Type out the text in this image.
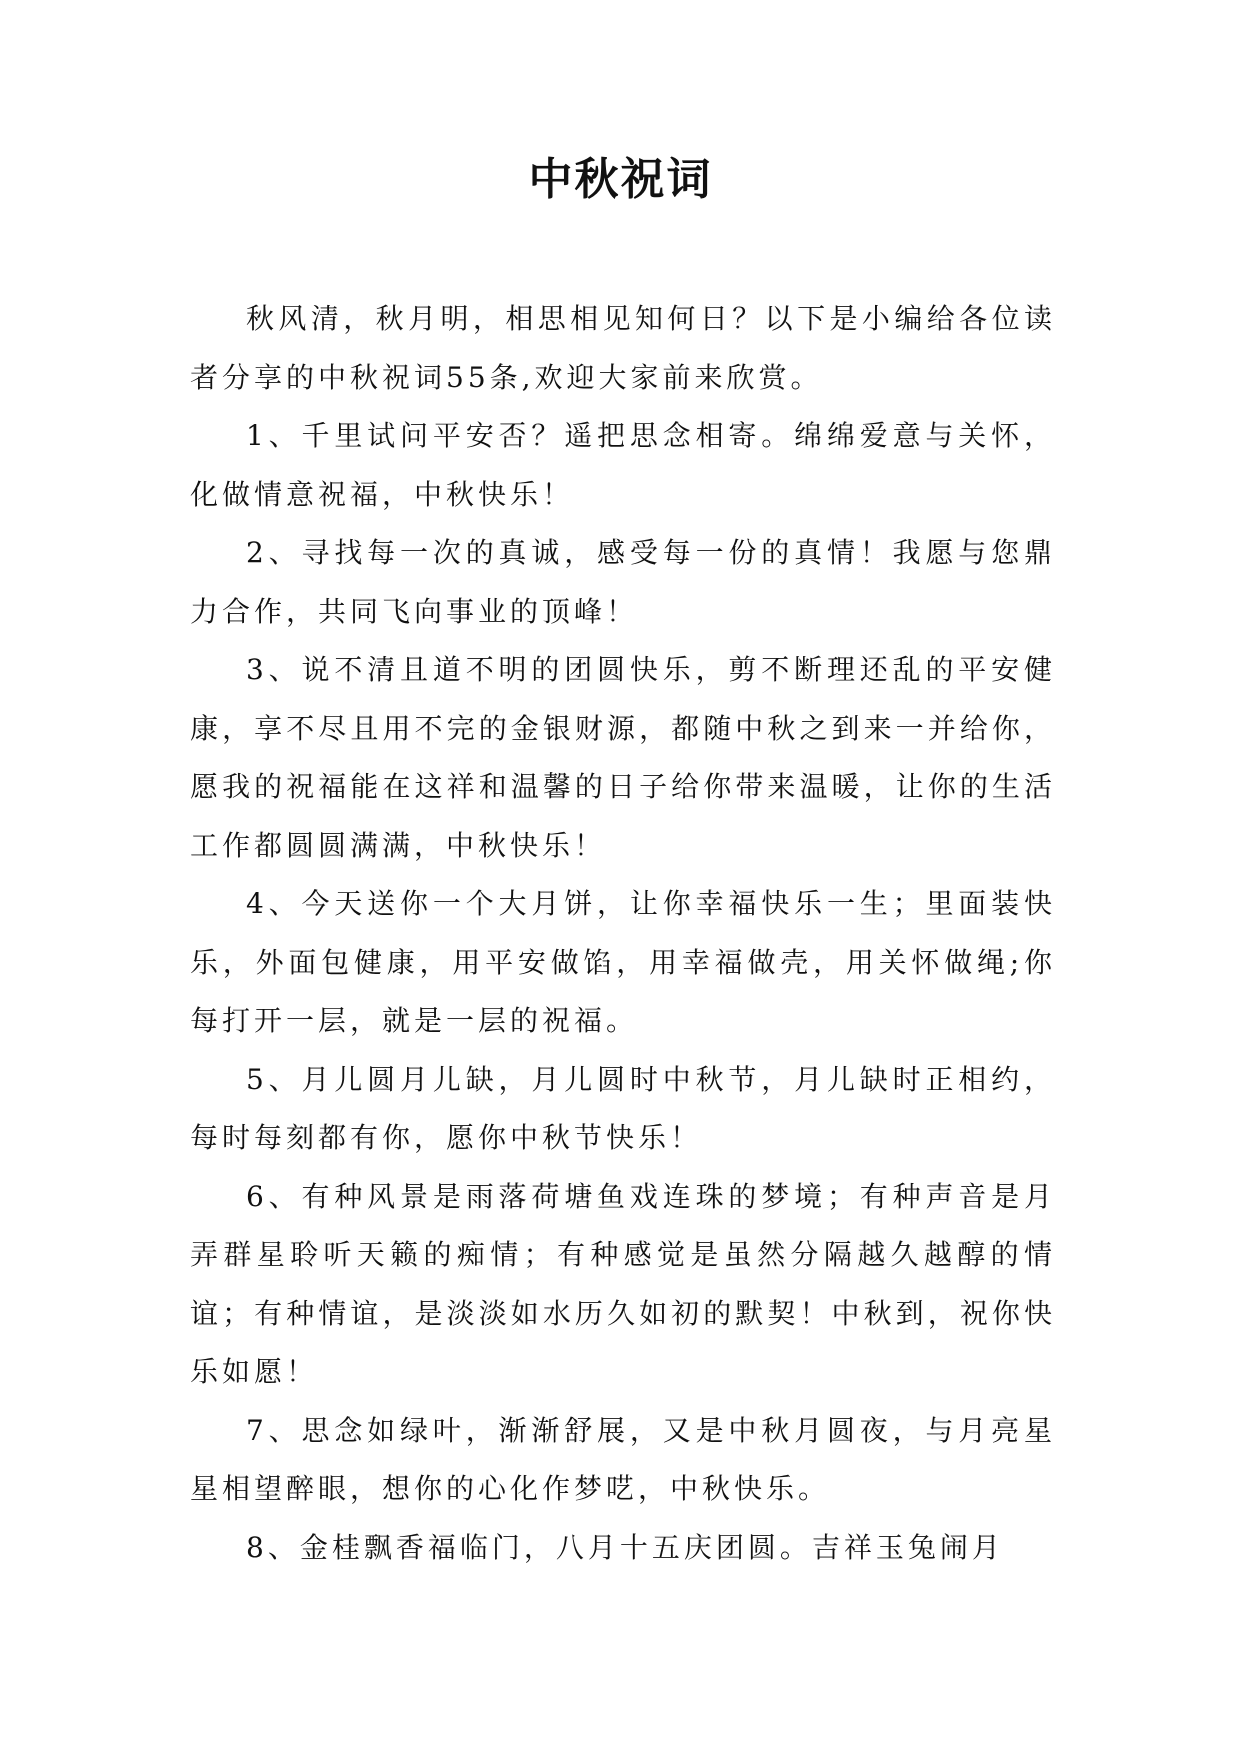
中秋祝词

秋风清，秋月明，相思相见知何日？以下是小编给各位读者分享的中秋祝词55条,欢迎大家前来欣赏。

1、千里试问平安否？遥把思念相寄。绵绵爱意与关怀，化做情意祝福，中秋快乐！

2、寻找每一次的真诚，感受每一份的真情！我愿与您鼎力合作，共同飞向事业的顶峰！

3、说不清且道不明的团圆快乐，剪不断理还乱的平安健康，享不尽且用不完的金银财源，都随中秋之到来一并给你，愿我的祝福能在这祥和温馨的日子给你带来温暖，让你的生活工作都圆圆满满，中秋快乐！

4、今天送你一个大月饼，让你幸福快乐一生；里面装快乐，外面包健康，用平安做馅，用幸福做壳，用关怀做绳;你每打开一层，就是一层的祝福。

5、月儿圆月儿缺，月儿圆时中秋节，月儿缺时正相约，每时每刻都有你，愿你中秋节快乐！

6、有种风景是雨落荷塘鱼戏连珠的梦境；有种声音是月弄群星聆听天籁的痴情；有种感觉是虽然分隔越久越醇的情谊；有种情谊，是淡淡如水历久如初的默契！中秋到，祝你快乐如愿！

7、思念如绿叶，渐渐舒展，又是中秋月圆夜，与月亮星星相望醉眼，想你的心化作梦呓，中秋快乐。

8、金桂飘香福临门，八月十五庆团圆。吉祥玉兔闹月
